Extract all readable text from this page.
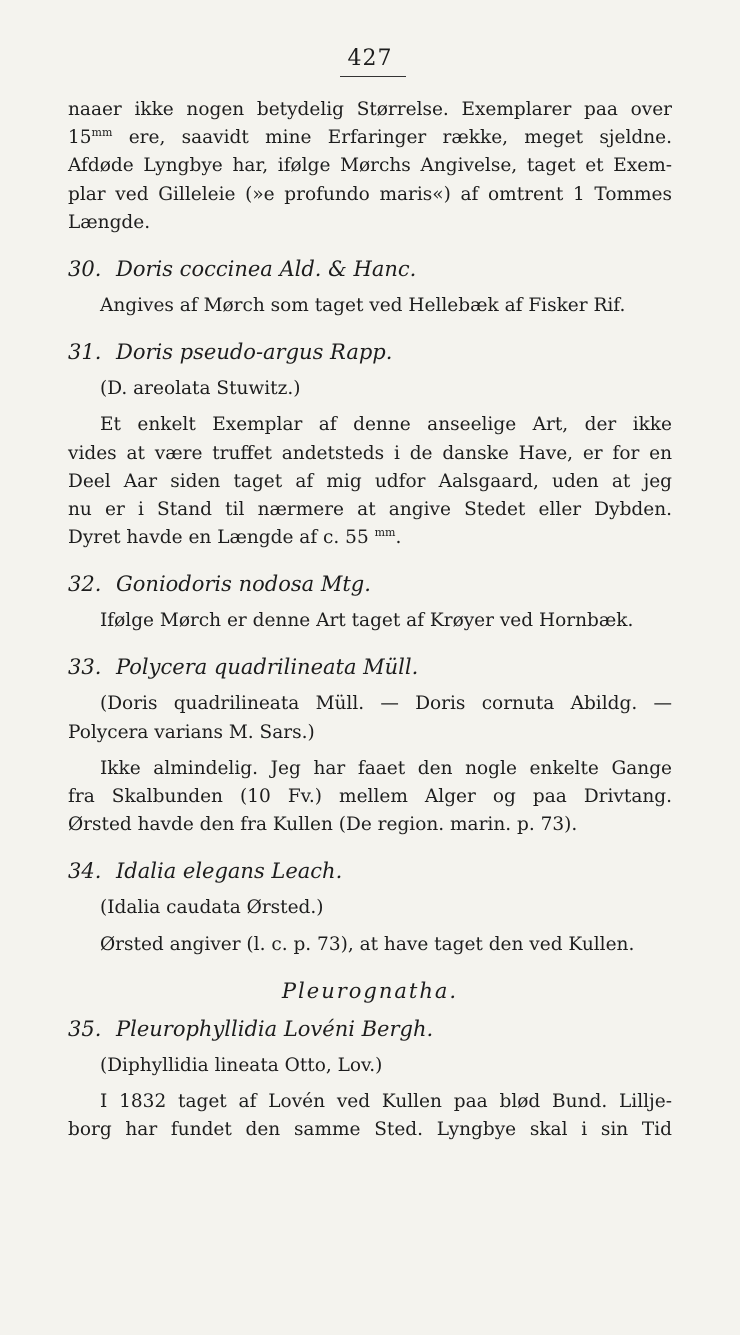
427
naaer ikke nogen betydelig Størrelse. Exemplarer paa over
$15^{mm}$ ere, saavidt mine Erfaringer række, meget sjeldne.
Afdøde Lyngbye har, ifølge Mørchs Angivelse, taget et Exem-
plar ved Gilleleie (»e profundo maris«) af omtrent 1 Tommes
Længde.
30. Doris coccinea Ald. & Hanc.
Angives af Mørch som taget ved Hellebæk af Fisker Rif.
31. Doris pseudo-argus Rapp.
(D. areolata Stuwitz.)
Et enkelt Exemplar af denne anseelige Art, der ikke
vides at være truffet andetsteds i de danske Have, er for en
Deel Aar siden taget af mig udfor Aalsgaard, uden at jeg
nu er i Stand til nærmere at angive Stedet eller Dybden.
Dyret havde en Længde af c. 55 $^{mm}$.
32. Goniodoris nodosa Mtg.
Ifølge Mørch er denne Art taget af Krøyer ved Hornbæk.
33. Polycera quadrilineata Müll.
(Doris quadrilineata Müll. — Doris cornuta Abildg. —
Polycera varians M. Sars.)
Ikke almindelig. Jeg har faaet den nogle enkelte Gange
fra Skalbunden (10 Fv.) mellem Alger og paa Drivtang.
Ørsted havde den fra Kullen (De region. marin. p. 73).
34. Idalia elegans Leach.
(Idalia caudata Ørsted.)
Ørsted angiver (l. c. p. 73), at have taget den ved Kullen.
Pleurognatha.
35. Pleurophyllidia Lovéni Bergh.
(Diphyllidia lineata Otto, Lov.)
I 1832 taget af Lovén ved Kullen paa blød Bund. Lillje-
borg har fundet den samme Sted. Lyngbye skal i sin Tid
